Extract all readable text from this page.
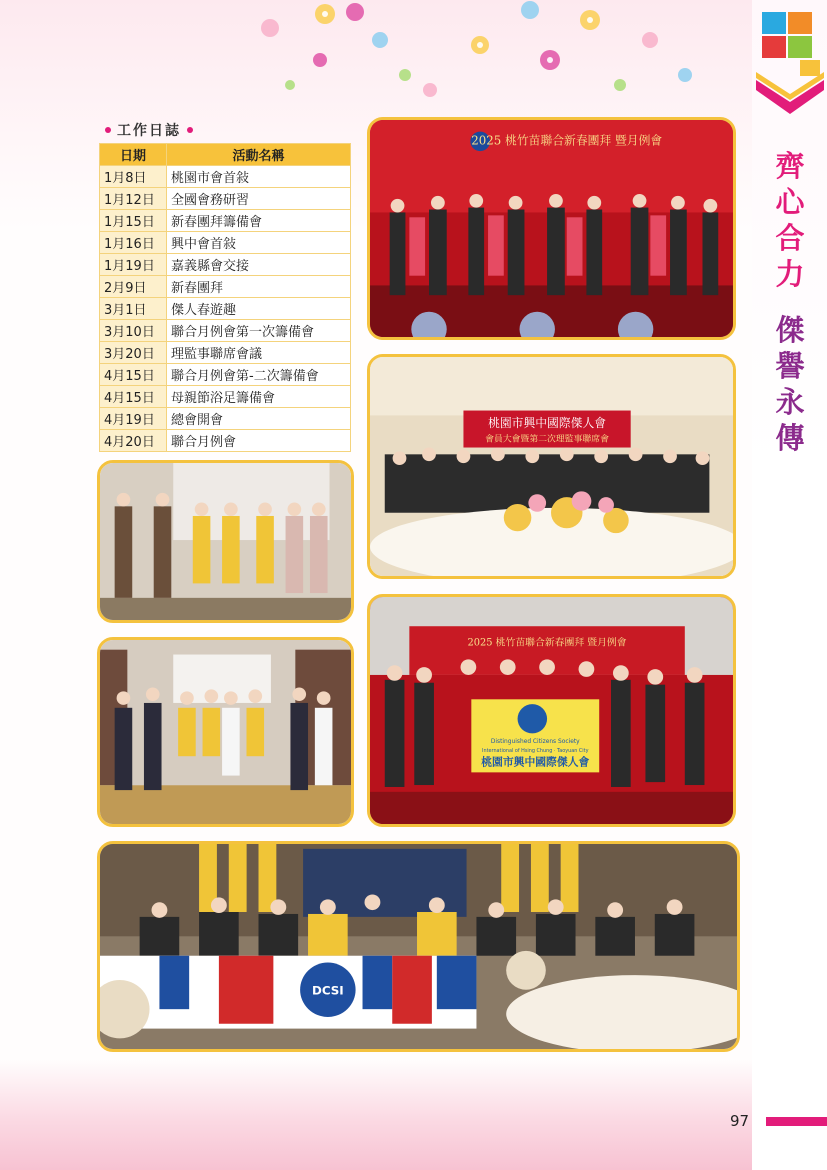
齊
心
合
力
傑
譽
永
傳
工作日誌
日期	活動名稱
1月8日	桃園市會首敍
1月12日	全國會務研習
1月15日	新春團拜籌備會
1月16日	興中會首敍
1月19日	嘉義縣會交接
2月9日	新春團拜
3月1日	傑人春遊趣
3月10日	聯合月例會第一次籌備會
3月20日	理監事聯席會議
4月15日	聯合月例會第-二次籌備會
4月15日	母親節浴足籌備會
4月19日	總會開會
4月20日	聯合月例會
2025 桃竹苗聯合新春團拜 暨月例會
桃園市興中國際傑人會
會員大會暨第二次理監事聯席會
2025 桃竹苗聯合新春團拜 暨月例會
Distinguished Citizens Society
International of Hsing Chung · Taoyuan City
桃園市興中國際傑人會
DCSI
97
